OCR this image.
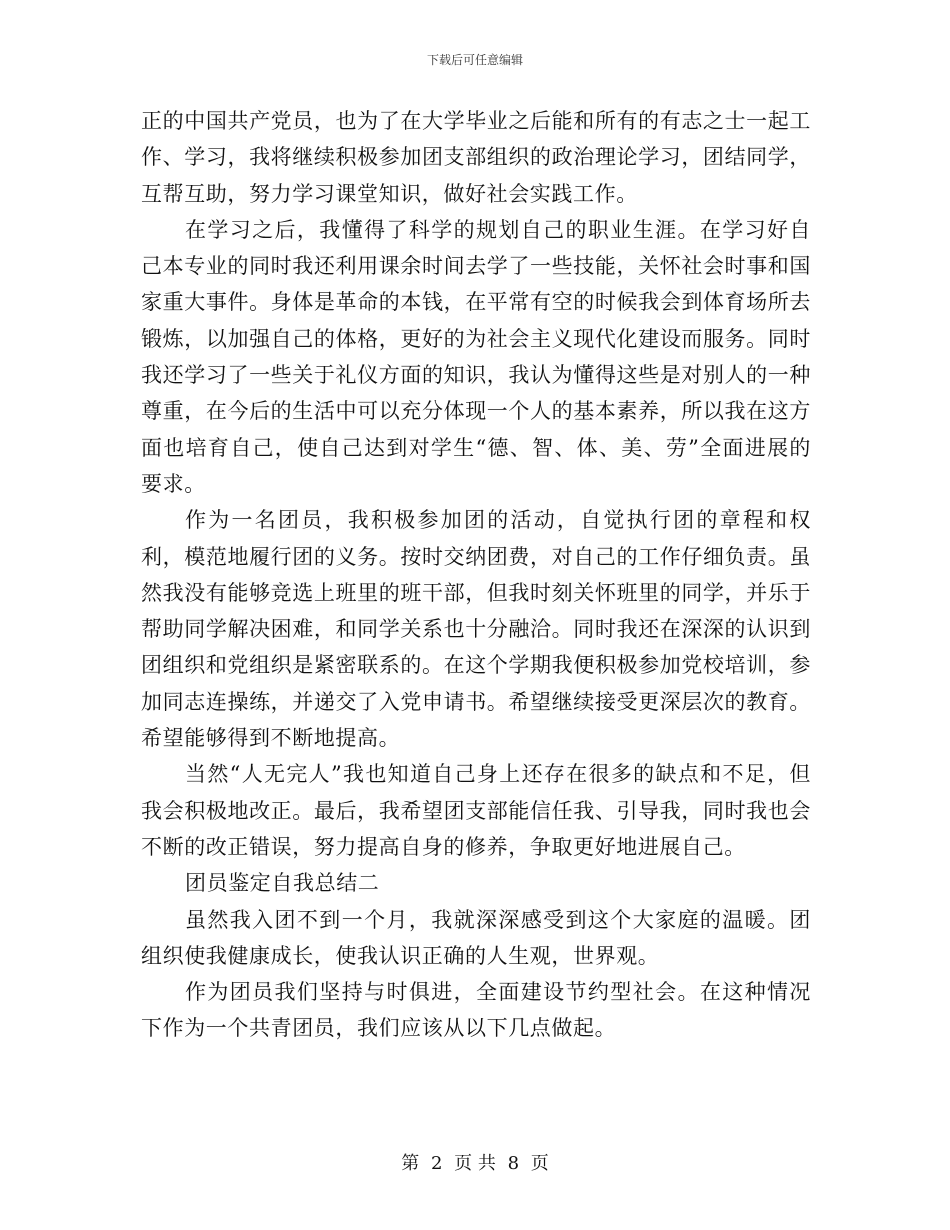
下载后可任意编辑

正的中国共产党员，也为了在大学毕业之后能和所有的有志之士一起工作、学习，我将继续积极参加团支部组织的政治理论学习，团结同学，互帮互助，努力学习课堂知识，做好社会实践工作。

在学习之后，我懂得了科学的规划自己的职业生涯。在学习好自己本专业的同时我还利用课余时间去学了一些技能，关怀社会时事和国家重大事件。身体是革命的本钱，在平常有空的时候我会到体育场所去锻炼，以加强自己的体格，更好的为社会主义现代化建设而服务。同时我还学习了一些关于礼仪方面的知识，我认为懂得这些是对别人的一种尊重，在今后的生活中可以充分体现一个人的基本素养，所以我在这方面也培育自己，使自己达到对学生“德、智、体、美、劳”全面进展的要求。

作为一名团员，我积极参加团的活动，自觉执行团的章程和权利，模范地履行团的义务。按时交纳团费，对自己的工作仔细负责。虽然我没有能够竞选上班里的班干部，但我时刻关怀班里的同学，并乐于帮助同学解决困难，和同学关系也十分融洽。同时我还在深深的认识到团组织和党组织是紧密联系的。在这个学期我便积极参加党校培训，参加同志连操练，并递交了入党申请书。希望继续接受更深层次的教育。希望能够得到不断地提高。

当然“人无完人”我也知道自己身上还存在很多的缺点和不足，但我会积极地改正。最后，我希望团支部能信任我、引导我，同时我也会不断的改正错误，努力提高自身的修养，争取更好地进展自己。

团员鉴定自我总结二

虽然我入团不到一个月，我就深深感受到这个大家庭的温暖。团组织使我健康成长，使我认识正确的人生观，世界观。

作为团员我们坚持与时俱进，全面建设节约型社会。在这种情况下作为一个共青团员，我们应该从以下几点做起。

第 2 页 共 8 页
